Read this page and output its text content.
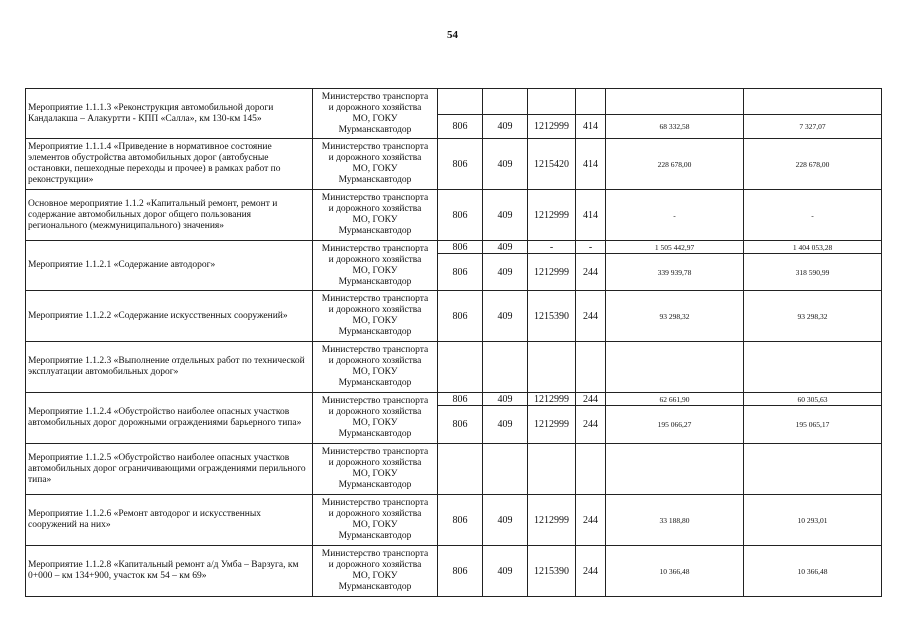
54
Мероприятие 1.1.1.3 «Реконструкция автомобильной дороги Кандалакша – Алакуртти - КПП «Салла», км 130-км 145»	Министерство транспорта
и дорожного хозяйства
МО, ГОКУ
Мурманскавтодор						

		806	409	1212999	414	68 332,58	7 327,07
Мероприятие 1.1.1.4 «Приведение в нормативное состояние элементов обустройства автомобильных дорог (автобусные остановки, пешеходные переходы и прочее) в рамках работ по реконструкции»	Министерство транспорта
и дорожного хозяйства
МО, ГОКУ
Мурманскавтодор	806	409	1215420	414	228 678,00	228 678,00
Основное мероприятие 1.1.2 «Капитальный ремонт, ремонт и содержание автомобильных дорог общего пользования регионального (межмуниципального) значения»	Министерство транспорта
и дорожного хозяйства
МО, ГОКУ
Мурманскавтодор	806	409	1212999	414	-	-
Мероприятие 1.1.2.1 «Содержание автодорог»	Министерство транспорта
и дорожного хозяйства
МО, ГОКУ
Мурманскавтодор	806	409	-	-	1 505 442,97	1 404 053,28
		806	409	1212999	244	339 939,78	318 590,99
Мероприятие 1.1.2.2 «Содержание искусственных сооружений»	Министерство транспорта
и дорожного хозяйства
МО, ГОКУ
Мурманскавтодор	806	409	1215390	244	93 298,32	93 298,32
Мероприятие 1.1.2.3 «Выполнение отдельных работ по технической эксплуатации автомобильных дорог»	Министерство транспорта
и дорожного хозяйства
МО, ГОКУ
Мурманскавтодор						

Мероприятие 1.1.2.4 «Обустройство наиболее опасных участков автомобильных дорог дорожными ограждениями барьерного типа»	Министерство транспорта
и дорожного хозяйства
МО, ГОКУ
Мурманскавтодор	806	409	1212999	244	62 661,90	60 305,63
		806	409	1212999	244	195 066,27	195 065,17
Мероприятие 1.1.2.5 «Обустройство наиболее опасных участков автомобильных дорог ограничивающими ограждениями перильного типа»	Министерство транспорта
и дорожного хозяйства
МО, ГОКУ
Мурманскавтодор						

Мероприятие 1.1.2.6 «Ремонт автодорог и искусственных сооружений на них»	Министерство транспорта
и дорожного хозяйства
МО, ГОКУ
Мурманскавтодор	806	409	1212999	244	33 188,80	10 293,01
Мероприятие 1.1.2.8 «Капитальный ремонт а/д Умба – Варзуга, км 0+000 – км 134+900, участок км 54 – км 69»	Министерство транспорта
и дорожного хозяйства
МО, ГОКУ
Мурманскавтодор	806	409	1215390	244	10 366,48	10 366,48
